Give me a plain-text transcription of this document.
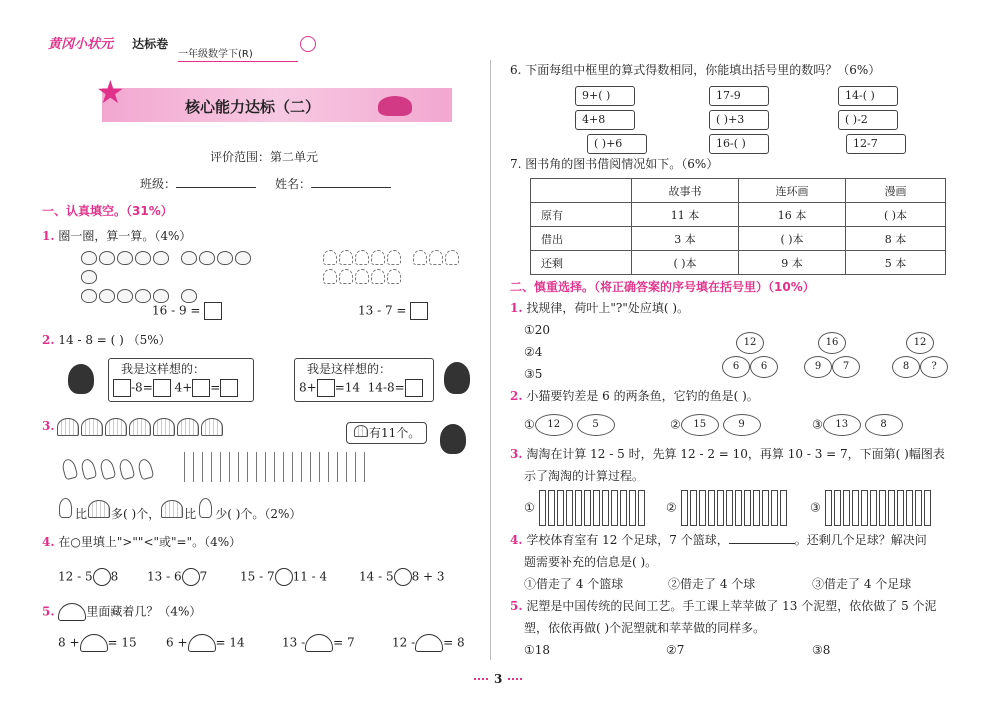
黄冈小状元 达标卷
一年级数学下(R)
★	核心能力达标（二）
评价范围：第二单元
班级：	姓名：
一、认真填空。（31%）
1. 圈一圈，算一算。（4%）

16 - 9 =	13 - 7 =
2. 14 - 8 = ( ) （5%）
我是这样想的：
-8= 4+ =
我是这样想的：
8+ =14 14-8=
3.	有11个。
比 多( )个， 比 少( )个。（2%）
4. 在○里填上">""<"或"="。（4%）
12 - 5 8 13 - 6 7	15 - 7 11 - 4	14 - 5 8 + 3
5.	里面藏着几？（4%）
8 + = 15 6 + = 14	13 - = 7	12 - = 8
6. 下面每组中框里的算式得数相同，你能填出括号里的数吗？（6%）
9+( )
4+8
( )+6
17-9
( )+3
16-( )
14-( )
( )-2
12-7
7. 图书角的图书借阅情况如下。（6%）
	故事书	连环画	漫画
原有	11 本	16 本	( )本
借出	3 本	( )本	8 本
还剩	( )本	9 本	5 本
二、慎重选择。（将正确答案的序号填在括号里）（10%）
1. 找规律，荷叶上"?"处应填( )。
①20
②4
③5
12
6 6
16
9 7
12
8 ?
2. 小猫要钓差是 6 的两条鱼，它钓的鱼是( )。
① 12	5	② 15	9	③ 13	8
3. 淘淘在计算 12 - 5 时，先算 12 - 2 = 10，再算 10 - 3 = 7，下面第( )幅图表
示了淘淘的计算过程。
①	②	③
4. 学校体育室有 12 个足球，7 个篮球，	。还剩几个足球？解决问
题需要补充的信息是( )。
①借走了 4 个篮球	②借走了 4 个球	③借走了 4 个足球
5. 泥塑是中国传统的民间工艺。手工课上苹苹做了 13 个泥塑，依依做了 5 个泥
塑，依依再做( )个泥塑就和苹苹做的同样多。
①18	②7	③8
3
